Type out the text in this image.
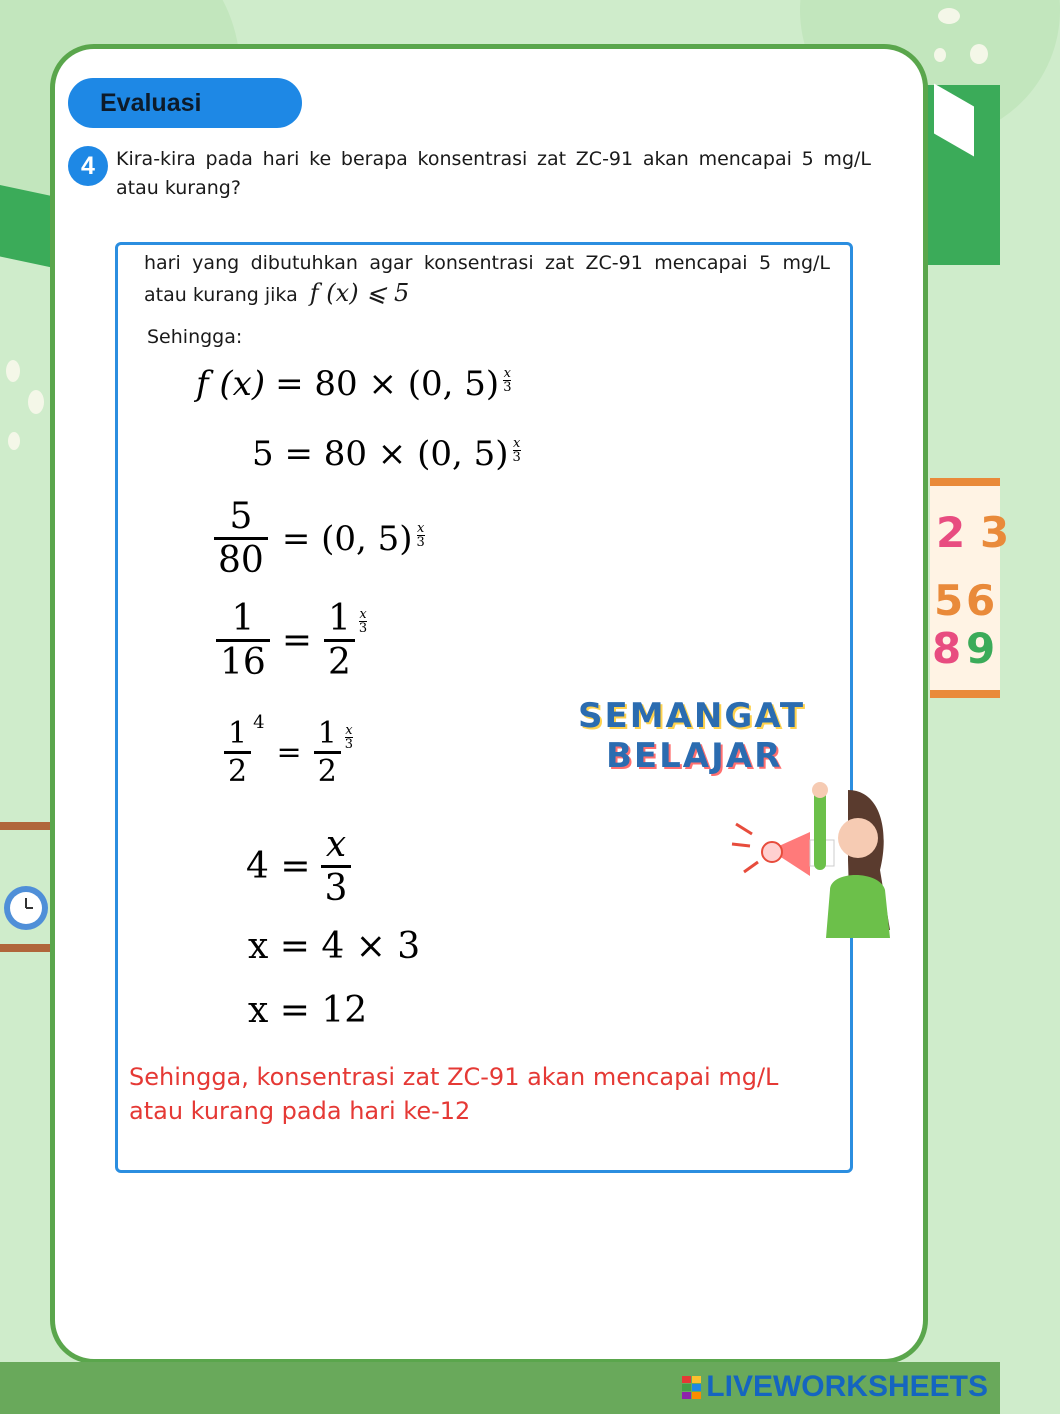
2 3
5 6
8 9
Evaluasi
4	Kira-kira pada hari ke berapa konsentrasi zat ZC-91 akan mencapai 5 mg/L atau kurang?
hari yang dibutuhkan agar konsentrasi zat ZC-91 mencapai 5 mg/L atau kurang jika f (x) ⩽ 5
Sehingga:
f (x) = 80 × (0, $5) \frac{x}{3}$
5 = 80 × (0, $5) \frac{x}{3}$
$\frac{5}{80} = (0$, $5) \frac{x}{3}$
$\frac{1}{16} = \frac{1}{2} \frac{x}{3}$
$\frac{1}{2} 4$
= $\frac{1}{2} \frac{x}{3}$
$4 = \frac{x}{3}$
x = 4 × 3
x = 12
Sehingga, konsentrasi zat ZC-91 akan mencapai mg/L atau kurang pada hari ke-12
SEMANGAT
BELAJAR
LIVEWORKSHEETS
